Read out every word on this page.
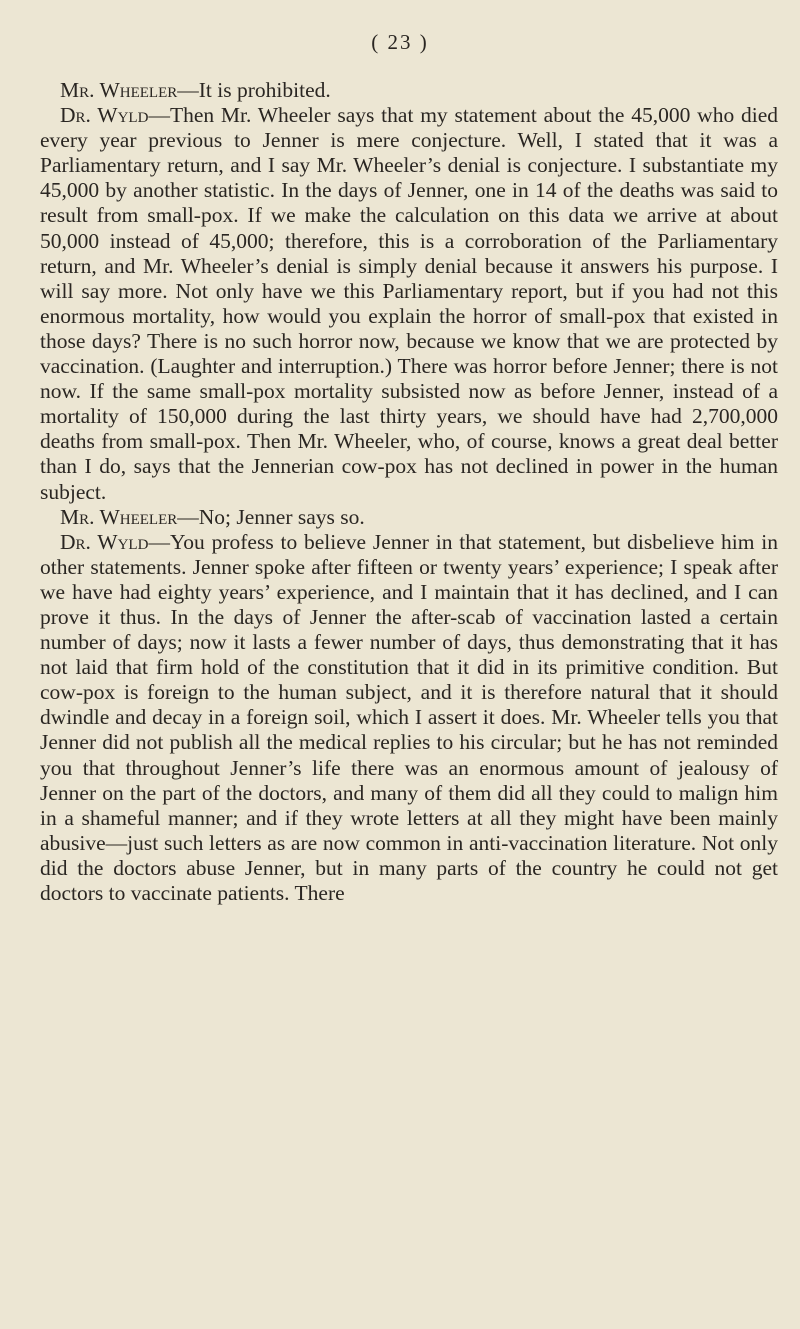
( 23 )

Mr. Wheeler—It is prohibited.

Dr. Wyld—Then Mr. Wheeler says that my statement about the 45,000 who died every year previous to Jenner is mere conjecture. Well, I stated that it was a Parliamentary return, and I say Mr. Wheeler’s denial is conjecture. I substantiate my 45,000 by another statistic. In the days of Jenner, one in 14 of the deaths was said to result from small-pox. If we make the calculation on this data we arrive at about 50,000 instead of 45,000; therefore, this is a corroboration of the Parliamentary return, and Mr. Wheeler’s denial is simply denial because it answers his purpose. I will say more. Not only have we this Parliamentary report, but if you had not this enormous mortality, how would you explain the horror of small-pox that existed in those days? There is no such horror now, because we know that we are protected by vaccination. (Laughter and interruption.) There was horror before Jenner; there is not now. If the same small-pox mortality subsisted now as before Jenner, instead of a mortality of 150,000 during the last thirty years, we should have had 2,700,000 deaths from small-pox. Then Mr. Wheeler, who, of course, knows a great deal better than I do, says that the Jennerian cow-pox has not declined in power in the human subject.

Mr. Wheeler—No; Jenner says so.

Dr. Wyld—You profess to believe Jenner in that statement, but disbelieve him in other statements. Jenner spoke after fifteen or twenty years’ experience; I speak after we have had eighty years’ experience, and I maintain that it has declined, and I can prove it thus. In the days of Jenner the after-scab of vaccination lasted a certain number of days; now it lasts a fewer number of days, thus demonstrating that it has not laid that firm hold of the constitution that it did in its primitive condition. But cow-pox is foreign to the human subject, and it is therefore natural that it should dwindle and decay in a foreign soil, which I assert it does. Mr. Wheeler tells you that Jenner did not publish all the medical replies to his circular; but he has not reminded you that throughout Jenner’s life there was an enormous amount of jealousy of Jenner on the part of the doctors, and many of them did all they could to malign him in a shameful manner; and if they wrote letters at all they might have been mainly abusive—just such letters as are now common in anti-vaccination literature. Not only did the doctors abuse Jenner, but in many parts of the country he could not get doctors to vaccinate patients. There
